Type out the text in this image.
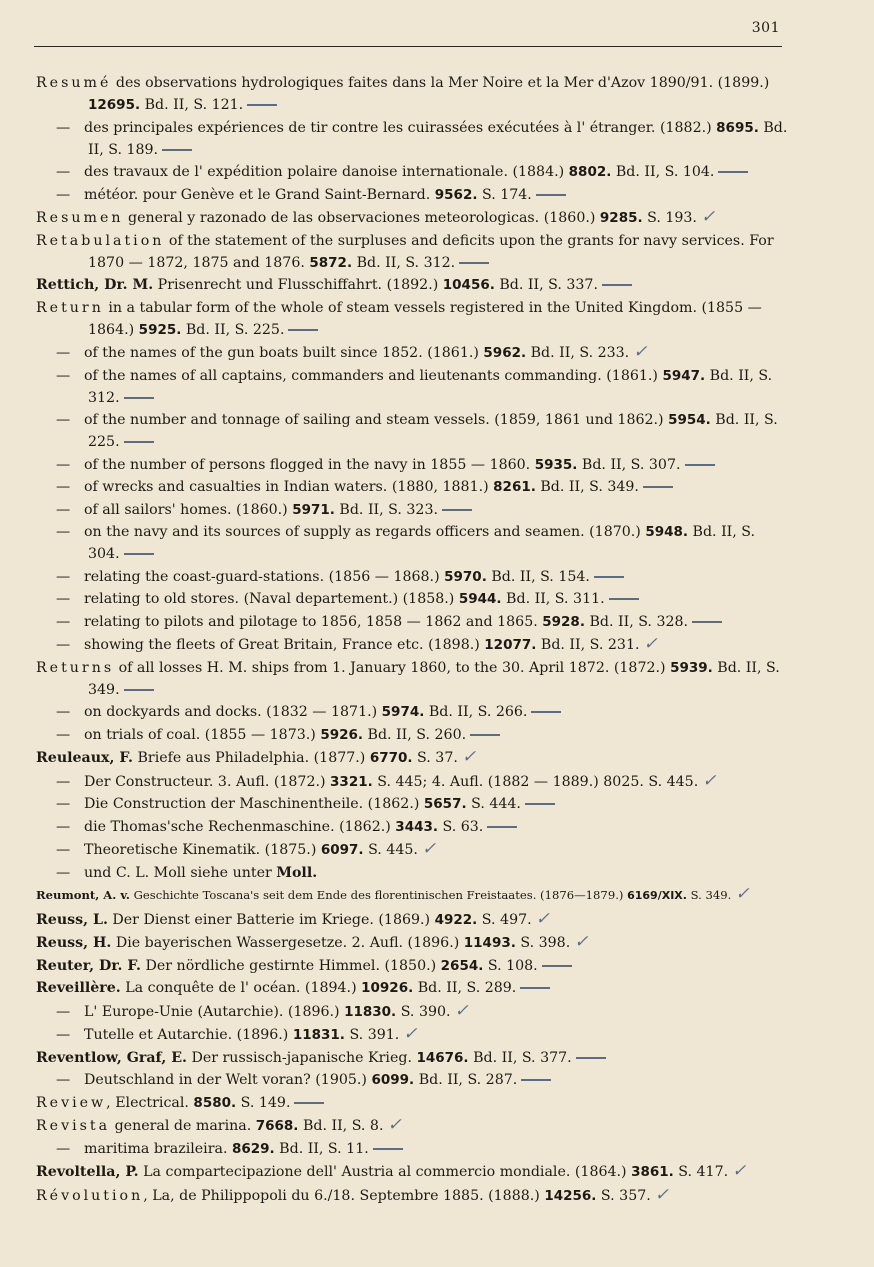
301
Resumé des observations hydrologiques faites dans la Mer Noire et la Mer d'Azov 1890/91. (1899.) 12695. Bd. II, S. 121.
— des principales expériences de tir contre les cuirassées exécutées à l' étranger. (1882.) 8695. Bd. II, S. 189.
— des travaux de l' expédition polaire danoise internationale. (1884.) 8802. Bd. II, S. 104.
— météor. pour Genève et le Grand Saint-Bernard. 9562. S. 174.
Resumen general y razonado de las observaciones meteorologicas. (1860.) 9285. S. 193. ✓
Retabulation of the statement of the surpluses and deficits upon the grants for navy services. For 1870 — 1872, 1875 and 1876. 5872. Bd. II, S. 312.
Rettich, Dr. M. Prisenrecht und Flusschiffahrt. (1892.) 10456. Bd. II, S. 337.
Return in a tabular form of the whole of steam vessels registered in the United Kingdom. (1855 — 1864.) 5925. Bd. II, S. 225.
— of the names of the gun boats built since 1852. (1861.) 5962. Bd. II, S. 233. ✓
— of the names of all captains, commanders and lieutenants commanding. (1861.) 5947. Bd. II, S. 312.
— of the number and tonnage of sailing and steam vessels. (1859, 1861 und 1862.) 5954. Bd. II, S. 225.
— of the number of persons flogged in the navy in 1855 — 1860. 5935. Bd. II, S. 307.
— of wrecks and casualties in Indian waters. (1880, 1881.) 8261. Bd. II, S. 349.
— of all sailors' homes. (1860.) 5971. Bd. II, S. 323.
— on the navy and its sources of supply as regards officers and seamen. (1870.) 5948. Bd. II, S. 304.
— relating the coast-guard-stations. (1856 — 1868.) 5970. Bd. II, S. 154.
— relating to old stores. (Naval departement.) (1858.) 5944. Bd. II, S. 311.
— relating to pilots and pilotage to 1856, 1858 — 1862 and 1865. 5928. Bd. II, S. 328.
— showing the fleets of Great Britain, France etc. (1898.) 12077. Bd. II, S. 231. ✓
Returns of all losses H. M. ships from 1. January 1860, to the 30. April 1872. (1872.) 5939. Bd. II, S. 349.
— on dockyards and docks. (1832 — 1871.) 5974. Bd. II, S. 266.
— on trials of coal. (1855 — 1873.) 5926. Bd. II, S. 260.
Reuleaux, F. Briefe aus Philadelphia. (1877.) 6770. S. 37. ✓
— Der Constructeur. 3. Aufl. (1872.) 3321. S. 445; 4. Aufl. (1882 — 1889.) 8025. S. 445. ✓
— Die Construction der Maschinentheile. (1862.) 5657. S. 444.
— die Thomas'sche Rechenmaschine. (1862.) 3443. S. 63.
— Theoretische Kinematik. (1875.) 6097. S. 445. ✓
— und C. L. Moll siehe unter Moll.
Reumont, A. v. Geschichte Toscana's seit dem Ende des florentinischen Freistaates. (1876—1879.) 6169/XIX. S. 349. ✓
Reuss, L. Der Dienst einer Batterie im Kriege. (1869.) 4922. S. 497. ✓
Reuss, H. Die bayerischen Wassergesetze. 2. Aufl. (1896.) 11493. S. 398. ✓
Reuter, Dr. F. Der nördliche gestirnte Himmel. (1850.) 2654. S. 108.
Reveillère. La conquête de l' océan. (1894.) 10926. Bd. II, S. 289.
— L' Europe-Unie (Autarchie). (1896.) 11830. S. 390. ✓
— Tutelle et Autarchie. (1896.) 11831. S. 391. ✓
Reventlow, Graf, E. Der russisch-japanische Krieg. 14676. Bd. II, S. 377.
— Deutschland in der Welt voran? (1905.) 6099. Bd. II, S. 287.
Review, Electrical. 8580. S. 149.
Revista general de marina. 7668. Bd. II, S. 8. ✓
— maritima brazileira. 8629. Bd. II, S. 11.
Revoltella, P. La compartecipazione dell' Austria al commercio mondiale. (1864.) 3861. S. 417. ✓
Révolution, La, de Philippopoli du 6./18. Septembre 1885. (1888.) 14256. S. 357. ✓
